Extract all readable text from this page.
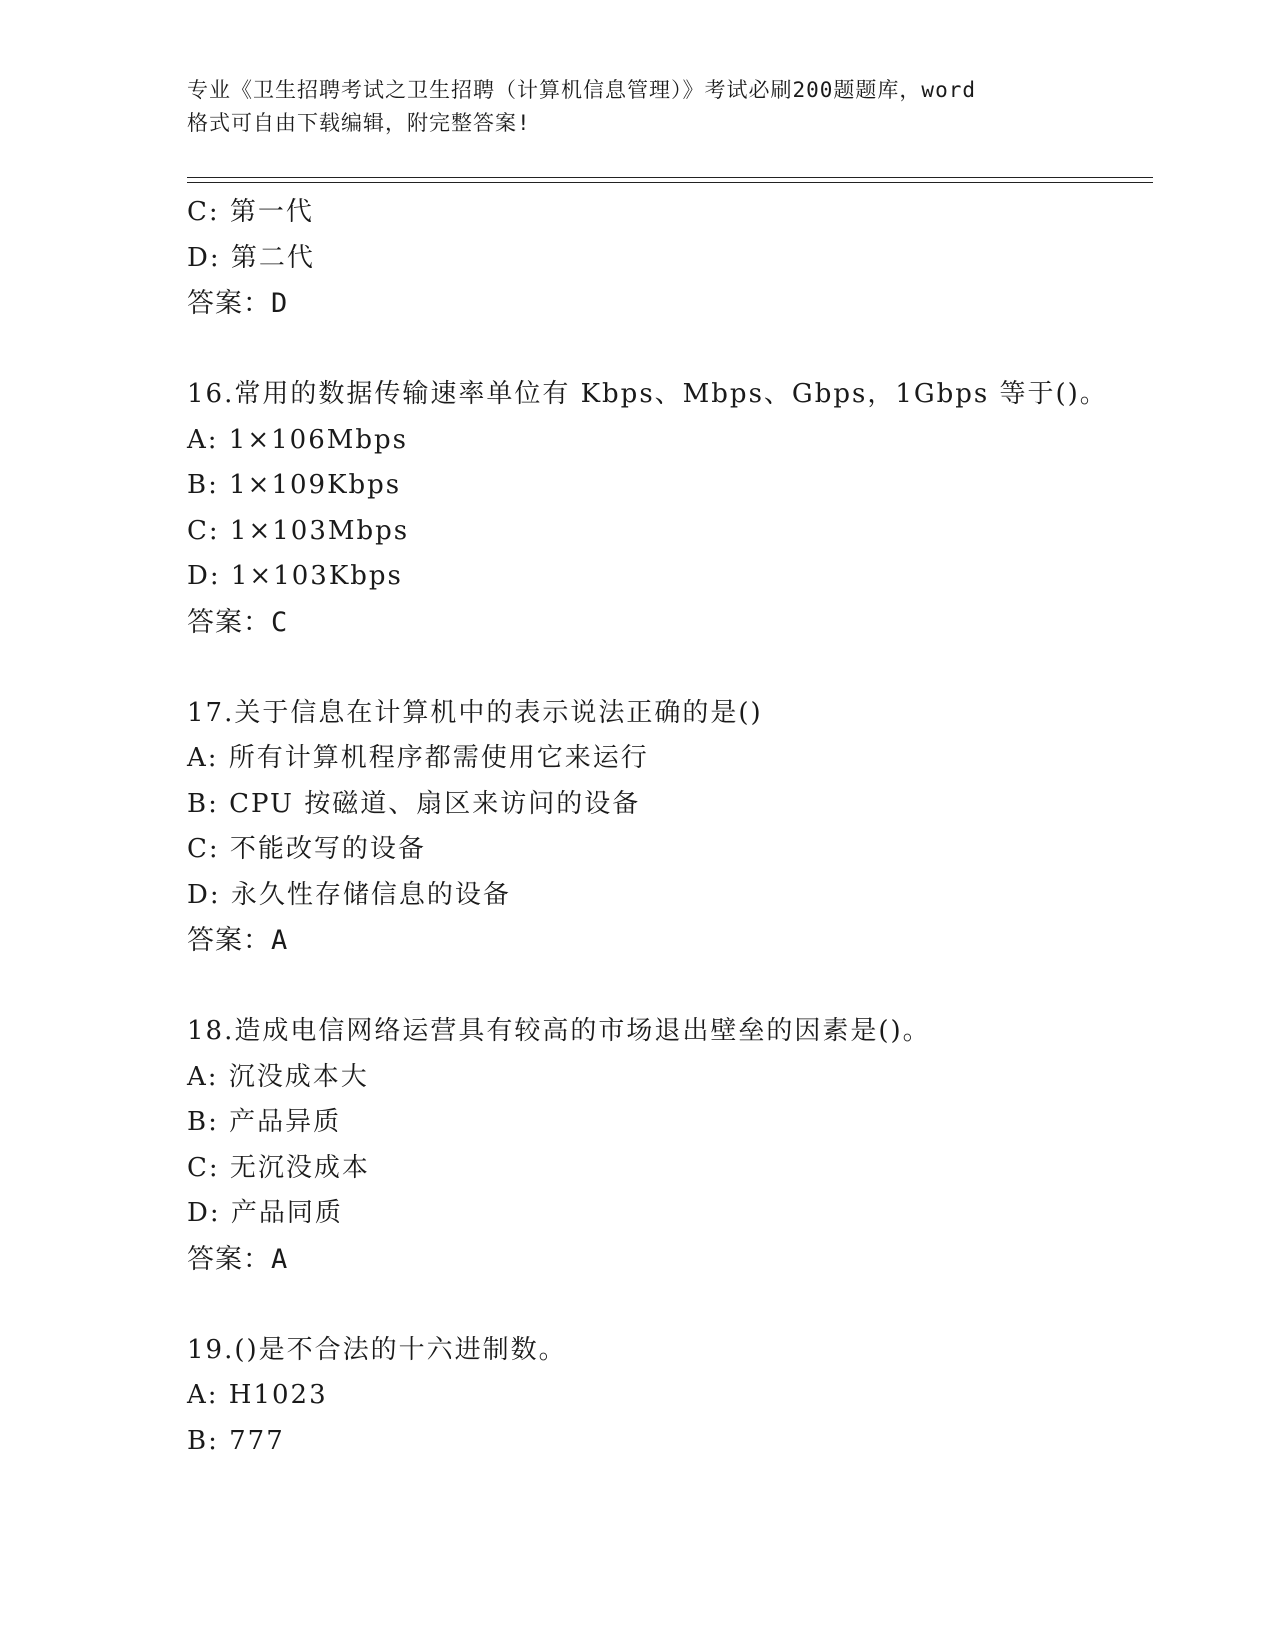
专业《卫生招聘考试之卫生招聘（计算机信息管理）》考试必刷200题题库，word
格式可自由下载编辑，附完整答案!
C: 第一代
D: 第二代
答案：D
16.常用的数据传输速率单位有 Kbps、Mbps、Gbps，1Gbps 等于()。
A: 1×106Mbps
B: 1×109Kbps
C: 1×103Mbps
D: 1×103Kbps
答案：C
17.关于信息在计算机中的表示说法正确的是()
A: 所有计算机程序都需使用它来运行
B: CPU 按磁道、扇区来访问的设备
C: 不能改写的设备
D: 永久性存储信息的设备
答案：A
18.造成电信网络运营具有较高的市场退出壁垒的因素是()。
A: 沉没成本大
B: 产品异质
C: 无沉没成本
D: 产品同质
答案：A
19.()是不合法的十六进制数。
A: H1023
B: 777
